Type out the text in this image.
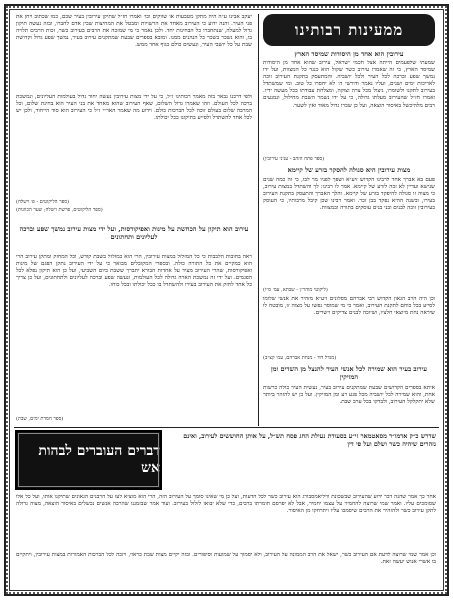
ממעינות רבותינו
עירובין הוא אחד מן היסודות שמיסד הארץ

שמעתי שלפעמים הייתה אצל חכמי ישראל, עירוב שהוא אחד מן היסודות שמיסד הארץ, כי זה שאמרו עירוב כשר שקול הוא כנגד כל המצוות, ועל ידו נמשך שפע וברכה לכל העיר ולכל יושביה. והמתעסק בתקנת העירוב זוכה לאריכות ימים ושנים, ועליו נאמר ודורשי ה׳ לא יחסרו כל טוב. ומי שמשתדל בעירוב לתקנו ולשומרו, ניצול מכל צרה וצוקה, ומצלחת עבודתו בכל מעשה ידיו. ואמרו חז״ל שהעירוב מעלתו גדולה, כי על ידו נשמר השבת מחילול, ונמנעים רבים מלהיכשל באיסור הוצאה, ועל כן שכרו גדול מאוד ואין לשער.

(ספר פתח הזהב - עניני עירובין)
מצות עירובין היא סגולה להסקר בזרע של קיימא

פעם בא אברך אחד לרבינו הקדוש זיע״א ושפך לפניו מר לבו, כי זה כמה שנים שנישא ועדיין לא זכה לזרע של קיימא. אמר לו רבינו: לך והשתדל במצות עירוב, כי מצוה זו סגולה להיפקד בזרע של קיימא. והלך האברך והתעסק בתקנת העירוב בעירו, ובשנה ההיא נפקד בבן זכר. ואמר רבינו שכן קיבל מרבותיו, כי העוסק בעירובין זוכה לבנים ובני בנים עוסקים בתורה ובמצוות.

(ליקוטי מוהר״ן - שבתא, עמ׳ ס״ו)

וכן היה הרב הגאון הקדוש רבי אברהם מסלונים זיע״א מזהיר את אנשי שלומו לסייע בכל כוחם לתקנת העירוב, ואמר כי מי שמוסר נפשו על מצוה זו, מובטח לו שיראה נחת מיוצאי חלציו, ושיזכה לבנים צדיקים וישרים.

(מגדל דוד - מנחת אברהם, עמ׳ קצ״ב)
עירוב בעיר הוא שמירה לכל אנשי העיר להנצל מן השדים ומן המזיקין

איתא בספרים הקדושים שבעת שמתקנים עירוב בעיר, נעשית העיר כולה כרשות אחת, והוא שמירה לכל יושביה מכל פגע רע ומן המזיקין. ועל כן יש להזהר ביותר שלא יתקלקל העירוב, ולבדקו בכל ערב שבת.

יעקב אבינו ע״ה היה מתקן מטבעות או שווקים וכו׳ ואמרו חז״ל שתיקן עירובין בעיר שכם, כמו שכתוב ויחן את פני העיר. והנה ידוע כי העירוב מאחד את הרשויות ומבטל את המחיצות שבין אדם לחברו, ובזה נעשה תיקון גדול למעלה, שנתחברו כל הבחינות יחד. ולכן נאמר כי מי שמזכה את הרבים בעירוב כשר, זכות הרבים תלויה בו, והוא נשכר בשכר כל הנהנים ממנו. ומובא בספרים שבעת שמתקנים עירוב בעיר, נמשך שפע גדול וקדושת שבת על כל יושבי העיר, ונעשים כולם כגוף אחד ממש.

ולפי דרכנו נבאר בזה מאמר רבותינו ז״ל, כי על ידי מצות עירובין נעשה יחוד גדול בעולמות העליונים, ונמשכת ברכה לכל העולם. וזהו שאמרו גדול השלום, שאף העירוב שהוא מאחד את בני העיר הוא בחינת שלום, וכל המרבה שלום בעולם זוכה לכל הברכות כולם. וידוע מה שאמר האר״י ז״ל כי העירוב הוא סוד הייחוד, ולכן יש לכל אחד להשתדל ולסייע בתיקונו ככל יכולתו.

(ספר הליקוטים - פ׳ וישלח)
(ספר הליקוטים, פרשת וישלח; שער הכוונות)
עירוב הוא תיקון על הכחשת על מינות ואפיקורסות, ועל ידי מצות עירוב נמשך שפע וברכה לעליונים ותחתונים

ראה בחובות הלבבות כי כל המזלזל במצות עירובין, הרי הוא כמזלזל בשבת קודש, וכל המחזק ומתקן עירוב הרי הוא כמקיים את כל התורה כולה. ובספרי המקובלים מבואר כי על ידי העירוב נתקן הפגם של מינות ואפיקורסות, שהרי העירוב מעיד על אחדות הבורא יתברך ששבת ביום השביעי, ועל כן הוא תיקון נפלא לכל הפגמים. ועל ידי זה נמשכת הארה גדולה לכל העולמות, ונעשה שפע וברכה לעליונים ולתחתונים, ועל כן צריך כל אחד לחזק את העירוב בעירו ולהשתדל בו ככל יכולתו ובכל כוחו.

(ספר חמדת ימים, שבת)
דברים העוברים לבהות אש
שדרש כ״ק אדמו״ר מסאטמאר זי״ע בסעודת נעילת החג פסח תש״ל, על אותן החוששים לעירוב, ואינם נזהרים שיהיה כשר ושלם ועל פי דין

אחר כך אמר שהנה דבר ידוע שהעירוב שבשכונת וויליאמסבורג הוא עירוב כשר לכל הדעות, ועל כן מי שאינו סומך על העירוב הזה, הרי הוא מוציא לעז על הרבנים הגאונים שתיקנו אותו, ועל כל אלו שסומכים עליו. ואמר שמי שרוצה להחמיר על עצמו יחמיר, אבל לא יפרסם חומרתו ברבים, כדי שלא יבואו לזלזל בעירוב. ועוד אמר שבזמננו שהרבה אנשים נכשלים באיסור הוצאה, מצוה גדולה לתקן עירוב כשר ולהזהיר את הרבים שיסמכו עליו ויתרחקו מן האיסור.

וכן אמר שמי שרוצה לדעת אם העירוב כשר, ישאל את הרב הממונה על העירוב, ולא יסמוך על שמועות וסיפורים. ובזה יקיים מצות שבת כראוי, ויזכה לכל הברכות האמורות במצות עירובין, ויתקיים בו אשרי אנוש יעשה זאת.
